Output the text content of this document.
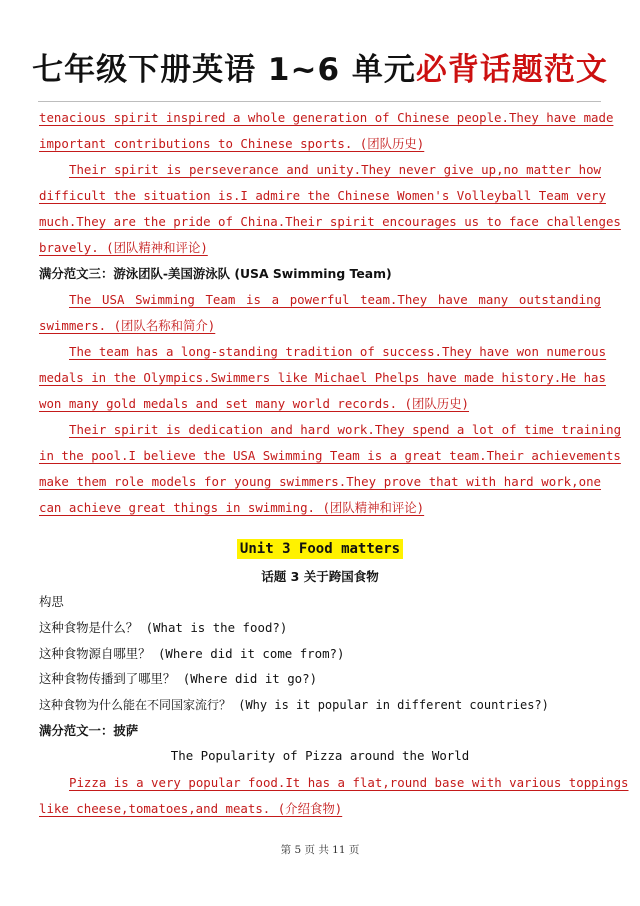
七年级下册英语 1~6 单元必背话题范文
tenacious spirit inspired a whole generation of Chinese people.They have made
important contributions to Chinese sports. (团队历史)
Their spirit is perseverance and unity.They never give up,no matter how
difficult the situation is.I admire the Chinese Women's Volleyball Team very
much.They are the pride of China.Their spirit encourages us to face challenges
bravely. (团队精神和评论)
满分范文三：游泳团队-美国游泳队 (USA Swimming Team)
The USA Swimming Team is a powerful team.They have many outstanding
swimmers. (团队名称和简介)
The team has a long-standing tradition of success.They have won numerous
medals in the Olympics.Swimmers like Michael Phelps have made history.He has
won many gold medals and set many world records. (团队历史)
Their spirit is dedication and hard work.They spend a lot of time training
in the pool.I believe the USA Swimming Team is a great team.Their achievements
make them role models for young swimmers.They prove that with hard work,one
can achieve great things in swimming. (团队精神和评论)
Unit 3 Food matters
话题 3 关于跨国食物
构思
这种食物是什么？ (What is the food?)
这种食物源自哪里？ (Where did it come from?)
这种食物传播到了哪里？ (Where did it go?)
这种食物为什么能在不同国家流行？ (Why is it popular in different countries?)
满分范文一：披萨
The Popularity of Pizza around the World
Pizza is a very popular food.It has a flat,round base with various toppings
like cheese,tomatoes,and meats. (介绍食物)
第 5 页 共 11 页
